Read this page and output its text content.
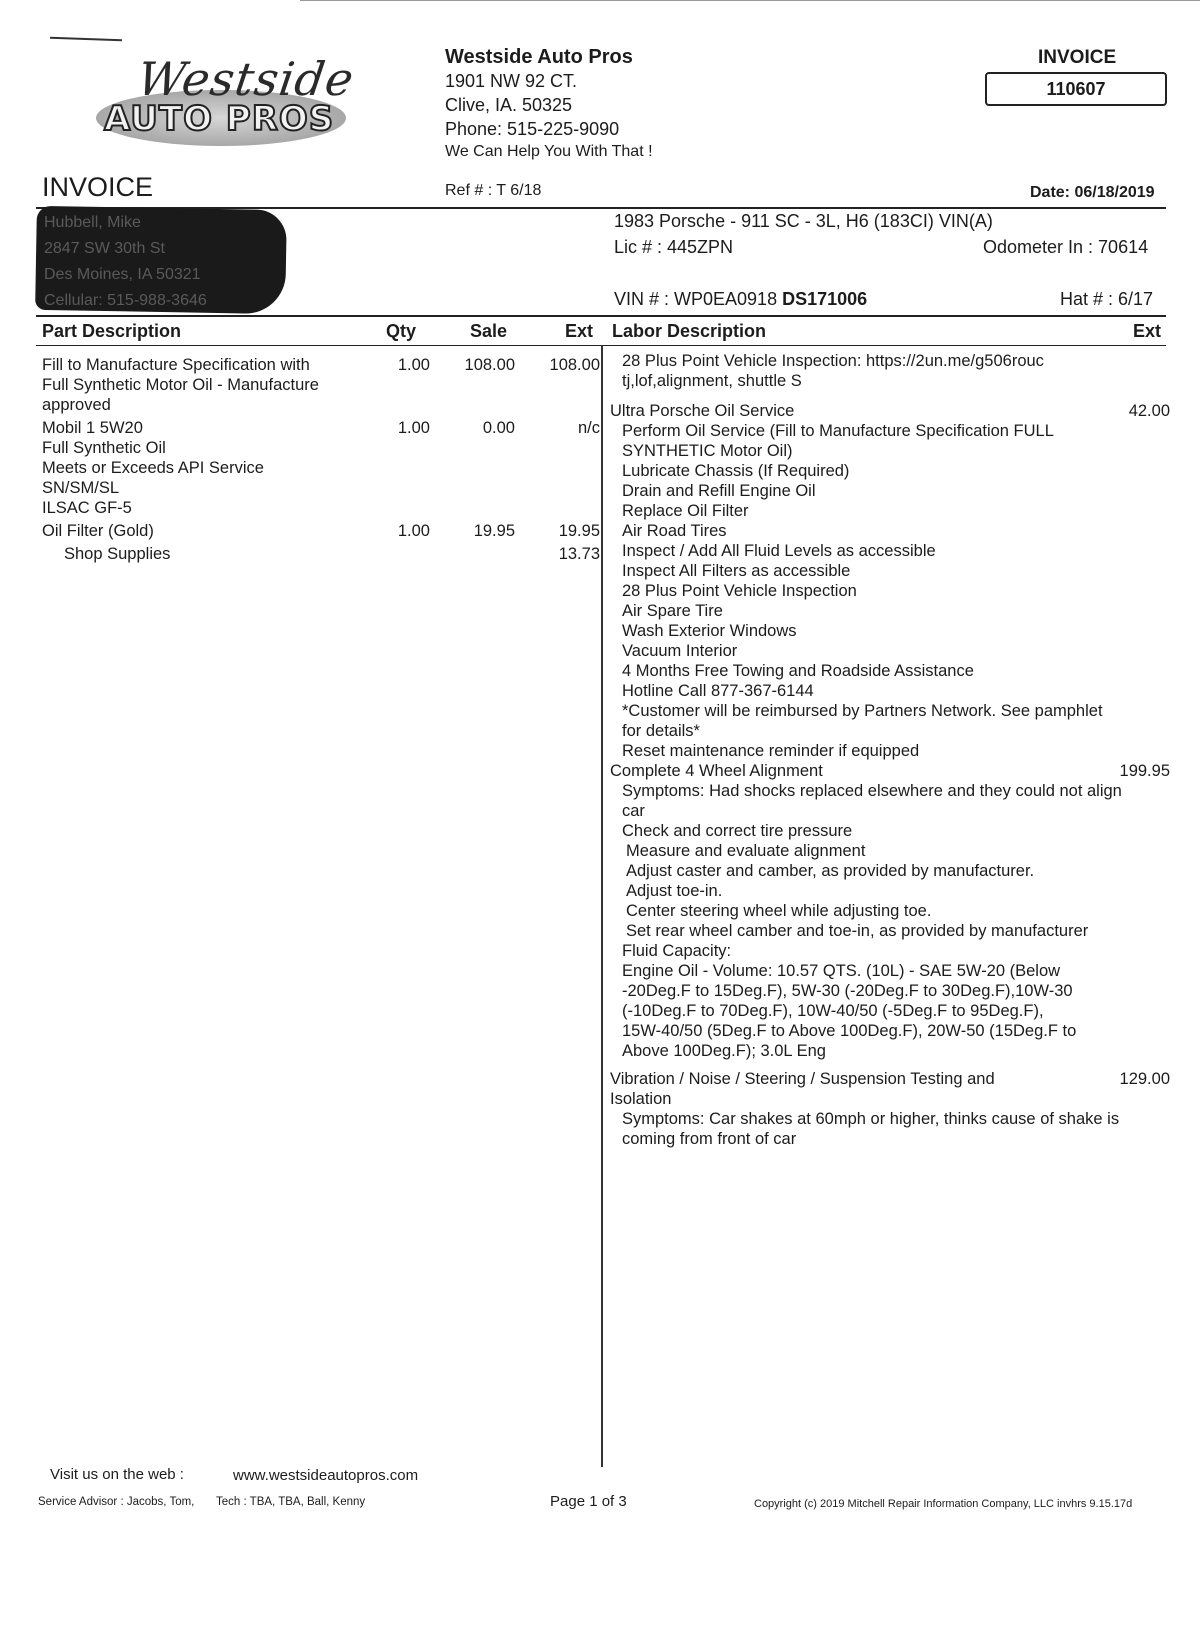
Westside
AUTO PROS
Westside Auto Pros
1901 NW 92 CT.
Clive, IA. 50325
Phone: 515-225-9090
We Can Help You With That !
INVOICE
110607
INVOICE	Ref # : T 6/18	Date: 06/18/2019
Hubbell, Mike
2847 SW 30th St
Des Moines, IA 50321
Cellular: 515-988-3646
1983 Porsche - 911 SC - 3L, H6 (183CI) VIN(A)
Lic # : 445ZPN	Odometer In : 70614
VIN # : WP0EA0918 DS171006	Hat # : 6/17
Part Description	Qty	Sale	Ext Labor Description	Ext
Fill to Manufacture Specification with
Full Synthetic Motor Oil - Manufacture
approved
1.00	108.00	108.00
Mobil 1 5W20
Full Synthetic Oil
Meets or Exceeds API Service
SN/SM/SL
ILSAC GF-5
1.00	0.00	n/c
Oil Filter (Gold)	1.00	19.95	19.95
Shop Supplies	13.73
28 Plus Point Vehicle Inspection: https://2un.me/g506rouc
tj,lof,alignment, shuttle S
Ultra Porsche Oil Service	42.00
Perform Oil Service (Fill to Manufacture Specification FULL
SYNTHETIC Motor Oil)
Lubricate Chassis (If Required)
Drain and Refill Engine Oil
Replace Oil Filter
Air Road Tires
Inspect / Add All Fluid Levels as accessible
Inspect All Filters as accessible
28 Plus Point Vehicle Inspection
Air Spare Tire
Wash Exterior Windows
Vacuum Interior
4 Months Free Towing and Roadside Assistance
Hotline Call 877-367-6144
*Customer will be reimbursed by Partners Network. See pamphlet
for details*
Reset maintenance reminder if equipped
Complete 4 Wheel Alignment	199.95
Symptoms: Had shocks replaced elsewhere and they could not align
car
Check and correct tire pressure
Measure and evaluate alignment
Adjust caster and camber, as provided by manufacturer.
Adjust toe-in.
Center steering wheel while adjusting toe.
Set rear wheel camber and toe-in, as provided by manufacturer
Fluid Capacity:
Engine Oil - Volume: 10.57 QTS. (10L) - SAE 5W-20 (Below
-20Deg.F to 15Deg.F), 5W-30 (-20Deg.F to 30Deg.F),10W-30
(-10Deg.F to 70Deg.F), 10W-40/50 (-5Deg.F to 95Deg.F),
15W-40/50 (5Deg.F to Above 100Deg.F), 20W-50 (15Deg.F to
Above 100Deg.F); 3.0L Eng
Vibration / Noise / Steering / Suspension Testing and	129.00
Isolation
Symptoms: Car shakes at 60mph or higher, thinks cause of shake is
coming from front of car
Visit us on the web :	www.westsideautopros.com
Service Advisor : Jacobs, Tom, Tech : TBA, TBA, Ball, Kenny	Page 1 of 3	Copyright (c) 2019 Mitchell Repair Information Company, LLC invhrs 9.15.17d
